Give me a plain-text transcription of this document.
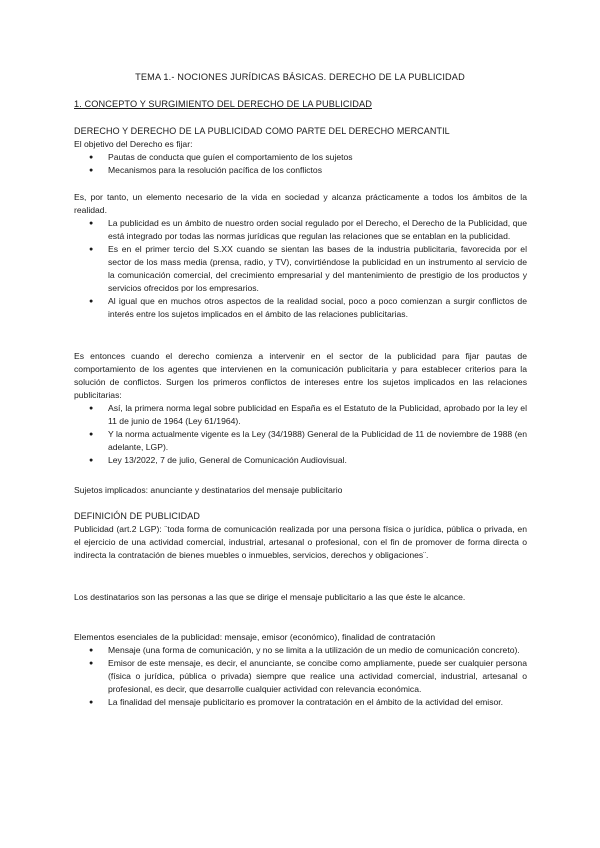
TEMA 1.- NOCIONES JURÍDICAS BÁSICAS. DERECHO DE LA PUBLICIDAD
1. CONCEPTO Y SURGIMIENTO DEL DERECHO DE LA PUBLICIDAD

DERECHO Y DERECHO DE LA PUBLICIDAD COMO PARTE DEL DERECHO MERCANTIL

El objetivo del Derecho es fijar:

● Pautas de conducta que guíen el comportamiento de los sujetos
● Mecanismos para la resolución pacífica de los conflictos

Es, por tanto, un elemento necesario de la vida en sociedad y alcanza prácticamente a todos los ámbitos de la realidad.

● La publicidad es un ámbito de nuestro orden social regulado por el Derecho, el Derecho de la Publicidad, que está integrado por todas las normas jurídicas que regulan las relaciones que se entablan en la publicidad.
● Es en el primer tercio del S.XX cuando se sientan las bases de la industria publicitaria, favorecida por el sector de los mass media (prensa, radio, y TV), convirtiéndose la publicidad en un instrumento al servicio de la comunicación comercial, del crecimiento empresarial y del mantenimiento de prestigio de los productos y servicios ofrecidos por los empresarios.
● Al igual que en muchos otros aspectos de la realidad social, poco a poco comienzan a surgir conflictos de interés entre los sujetos implicados en el ámbito de las relaciones publicitarias.

Es entonces cuando el derecho comienza a intervenir en el sector de la publicidad para fijar pautas de comportamiento de los agentes que intervienen en la comunicación publicitaria y para establecer criterios para la solución de conflictos. Surgen los primeros conflictos de intereses entre los sujetos implicados en las relaciones publicitarias:

● Así, la primera norma legal sobre publicidad en España es el Estatuto de la Publicidad, aprobado por la ley el 11 de junio de 1964 (Ley 61/1964).
● Y la norma actualmente vigente es la Ley (34/1988) General de la Publicidad de 11 de noviembre de 1988 (en adelante, LGP).
● Ley 13/2022, 7 de julio, General de Comunicación Audiovisual.

Sujetos implicados: anunciante y destinatarios del mensaje publicitario

DEFINICIÓN DE PUBLICIDAD

Publicidad (art.2 LGP): ¨toda forma de comunicación realizada por una persona física o jurídica, pública o privada, en el ejercicio de una actividad comercial, industrial, artesanal o profesional, con el fin de promover de forma directa o indirecta la contratación de bienes muebles o inmuebles, servicios, derechos y obligaciones¨.

Los destinatarios son las personas a las que se dirige el mensaje publicitario a las que éste le alcance.

Elementos esenciales de la publicidad: mensaje, emisor (económico), finalidad de contratación

● Mensaje (una forma de comunicación, y no se limita a la utilización de un medio de comunicación concreto).
● Emisor de este mensaje, es decir, el anunciante, se concibe como ampliamente, puede ser cualquier persona (física o jurídica, pública o privada) siempre que realice una actividad comercial, industrial, artesanal o profesional, es decir, que desarrolle cualquier actividad con relevancia económica.
● La finalidad del mensaje publicitario es promover la contratación en el ámbito de la actividad del emisor.
